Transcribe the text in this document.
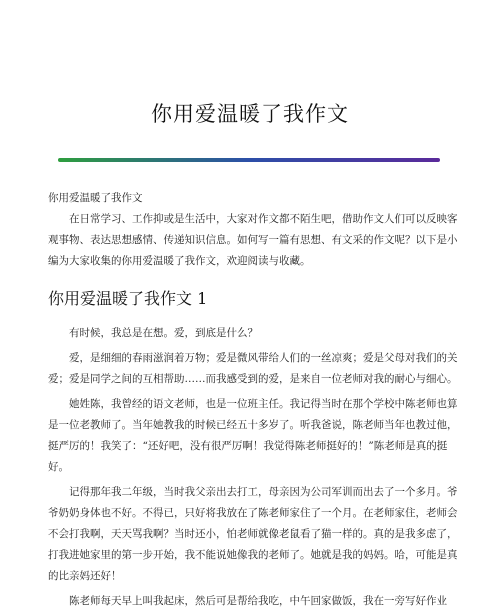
你用爱温暖了我作文
你用爱温暖了我作文

在日常学习、工作抑或是生活中，大家对作文都不陌生吧，借助作文人们可以反映客观事物、表达思想感情、传递知识信息。如何写一篇有思想、有文采的作文呢？以下是小编为大家收集的你用爱温暖了我作文，欢迎阅读与收藏。

你用爱温暖了我作文 1

有时候，我总是在想。爱，到底是什么？

爱，是细细的春雨滋润着万物；爱是微风带给人们的一丝凉爽；爱是父母对我们的关爱；爱是同学之间的互相帮助……而我感受到的爱，是来自一位老师对我的耐心与细心。

她姓陈，我曾经的语文老师，也是一位班主任。我记得当时在那个学校中陈老师也算是一位老教师了。当年她教我的时候已经五十多岁了。听我爸说，陈老师当年也教过他，挺严厉的！我笑了：“还好吧，没有很严厉啊！我觉得陈老师挺好的！”陈老师是真的挺好。

记得那年我二年级，当时我父亲出去打工，母亲因为公司军训而出去了一个多月。爷爷奶奶身体也不好。不得已，只好将我放在了陈老师家住了一个月。在老师家住，老师会不会打我啊，天天骂我啊？当时还小，怕老师就像老鼠看了猫一样的。真的是我多虑了，打我进她家里的第一步开始，我不能说她像我的老师了。她就是我的妈妈。哈，可能是真的比亲妈还好！

陈老师每天早上叫我起床，然后可是帮给我吃，中午回家做饭，我在一旁写好作业
